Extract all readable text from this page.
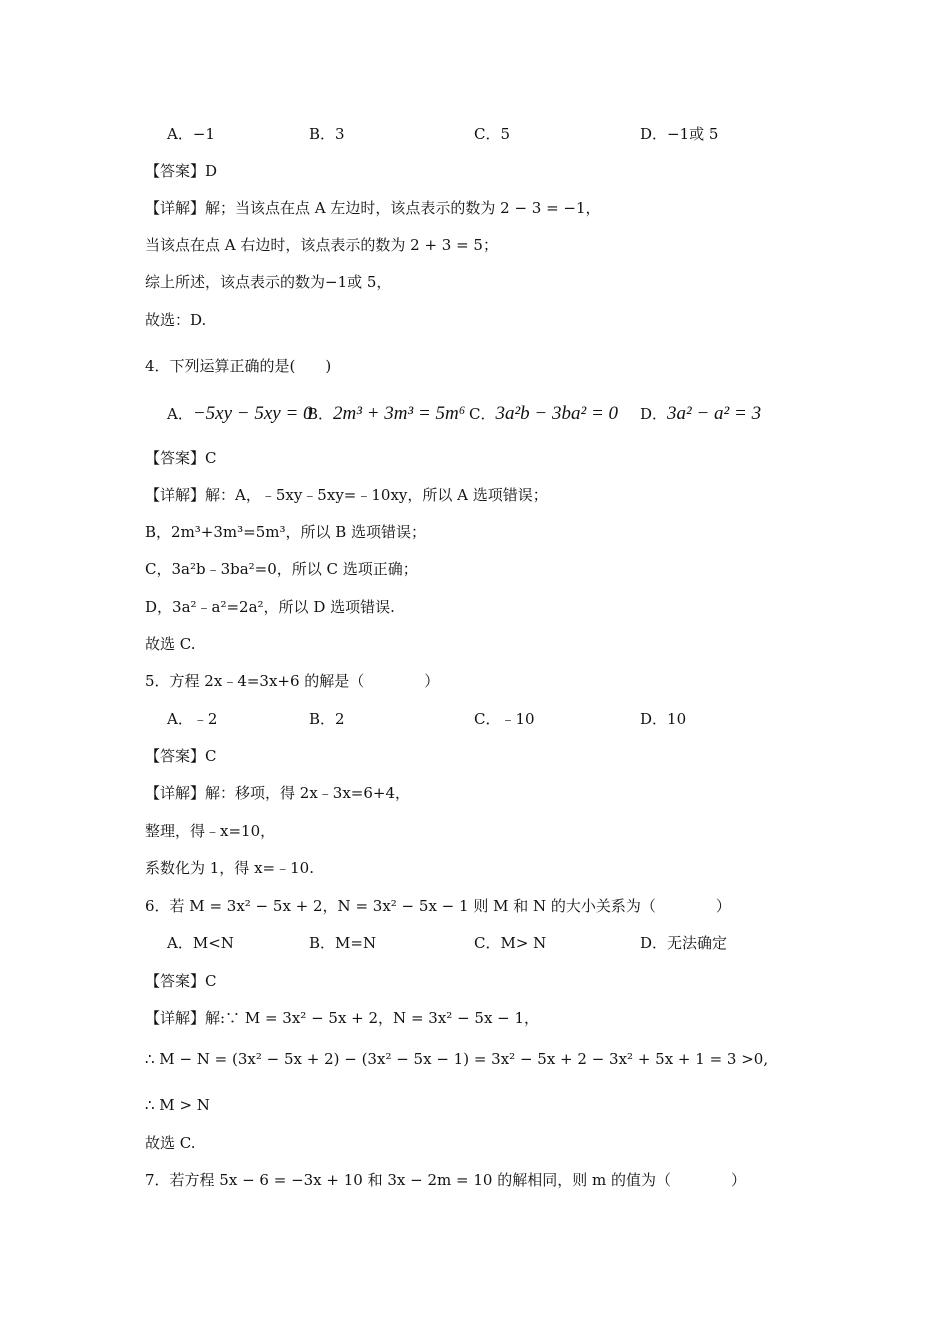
A．−1	B．3	C．5	D．−1或 5
【答案】D
【详解】解；当该点在点 A 左边时，该点表示的数为 2 − 3 = −1，
当该点在点 A 右边时，该点表示的数为 2 + 3 = 5；
综上所述，该点表示的数为−1或 5，
故选：D.
4．下列运算正确的是(　　)
A．−5xy − 5xy = 0
B．2m³ + 3m³ = 5m⁶ C．3a²b − 3ba² = 0 D．3a² − a² = 3
【答案】C
【详解】解：A，﹣5xy﹣5xy=﹣10xy，所以 A 选项错误；
B，2m³+3m³=5m³，所以 B 选项错误；
C，3a²b﹣3ba²=0，所以 C 选项正确；
D，3a²﹣a²=2a²，所以 D 选项错误.
故选 C.
5．方程 2x﹣4=3x+6 的解是（　　　　）
A．﹣2	B．2	C．﹣10	D．10
【答案】C
【详解】解：移项，得 2x﹣3x=6+4，
整理，得﹣x=10，
系数化为 1，得 x=﹣10.
6．若 M = 3x² − 5x + 2，N = 3x² − 5x − 1 则 M 和 N 的大小关系为（　　　　）
A．M<N	B．M=N	C．M> N	D．无法确定
【答案】C
【详解】解:∵ M = 3x² − 5x + 2，N = 3x² − 5x − 1，
∴ M − N = (3x² − 5x + 2) − (3x² − 5x − 1) = 3x² − 5x + 2 − 3x² + 5x + 1 = 3 >0,
∴ M > N
故选 C.
7．若方程 5x − 6 = −3x + 10 和 3x − 2m = 10 的解相同，则 m 的值为（　　　　）
